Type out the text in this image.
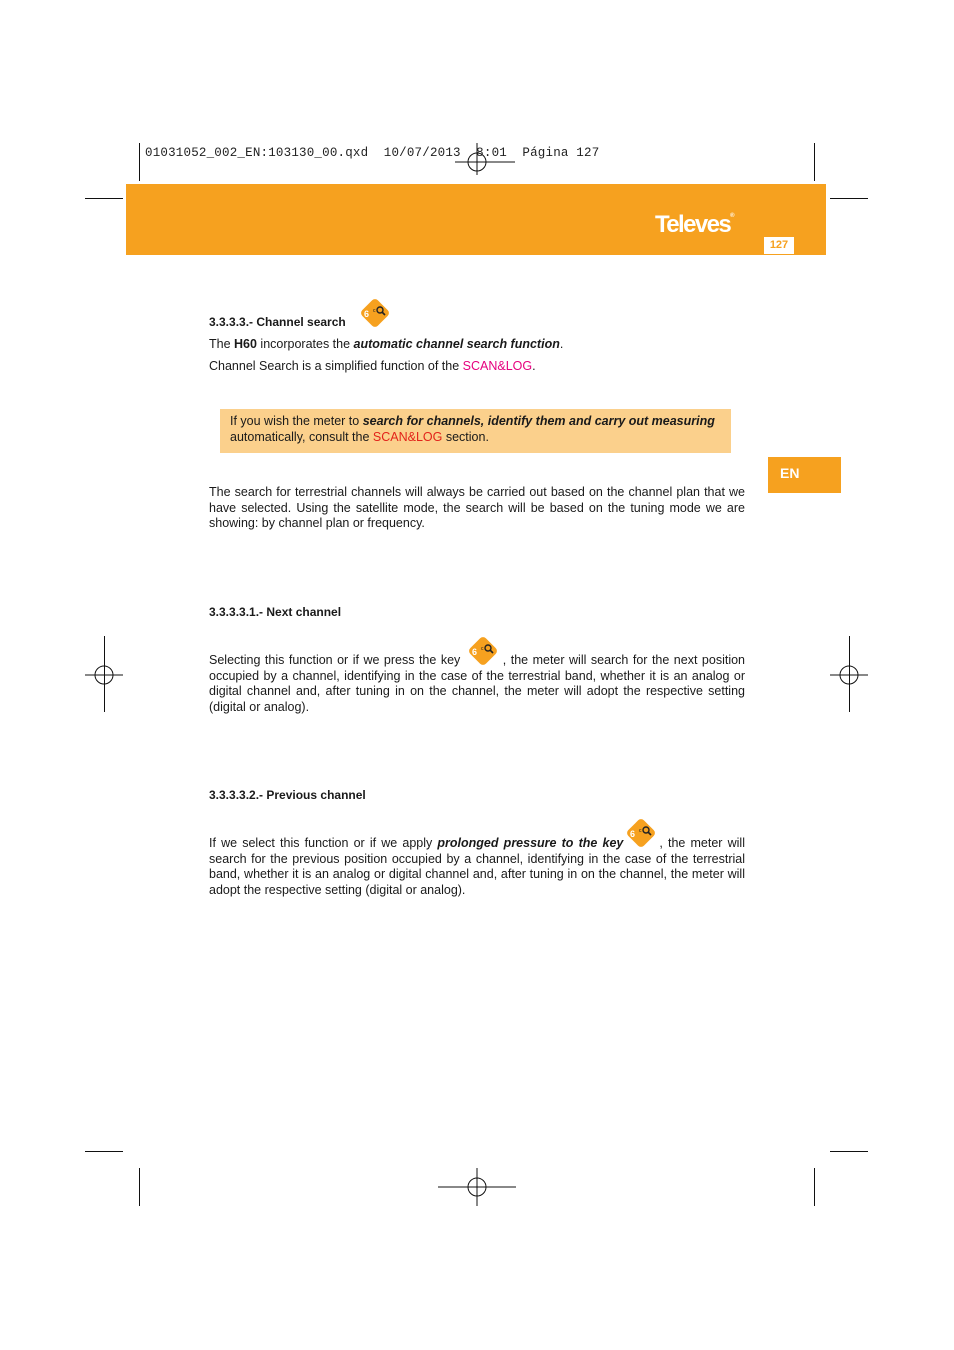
01031052_002_EN:103130_00.qxd 10/07/2013 8:01 Página 127
Televes®
127
EN
3.3.3.3.- Channel search
The H60 incorporates the automatic channel search function.
Channel Search is a simplified function of the SCAN&LOG.
If you wish the meter to search for channels, identify them and carry out measuring
automatically, consult the SCAN&LOG section.
The search for terrestrial channels will always be carried out based on the channel plan that we have selected. Using the satellite mode, the search will be based on the tuning mode we are showing: by channel plan or frequency.
3.3.3.3.1.- Next channel
Selecting this function or if we press the key	, the meter will search for the next position occupied by a channel, identifying in the case of the terrestrial band, whether it is an analog or digital channel and, after tuning in on the channel, the meter will adopt the respective setting (digital or analog).
3.3.3.3.2.- Previous channel
If we select this function or if we apply prolonged pressure to the key	, the meter will search for the previous position occupied by a channel, identifying in the case of the terrestrial band, whether it is an analog or digital channel and, after tuning in on the channel, the meter will adopt the respective setting (digital or analog).
6 c
6 c
6 c
